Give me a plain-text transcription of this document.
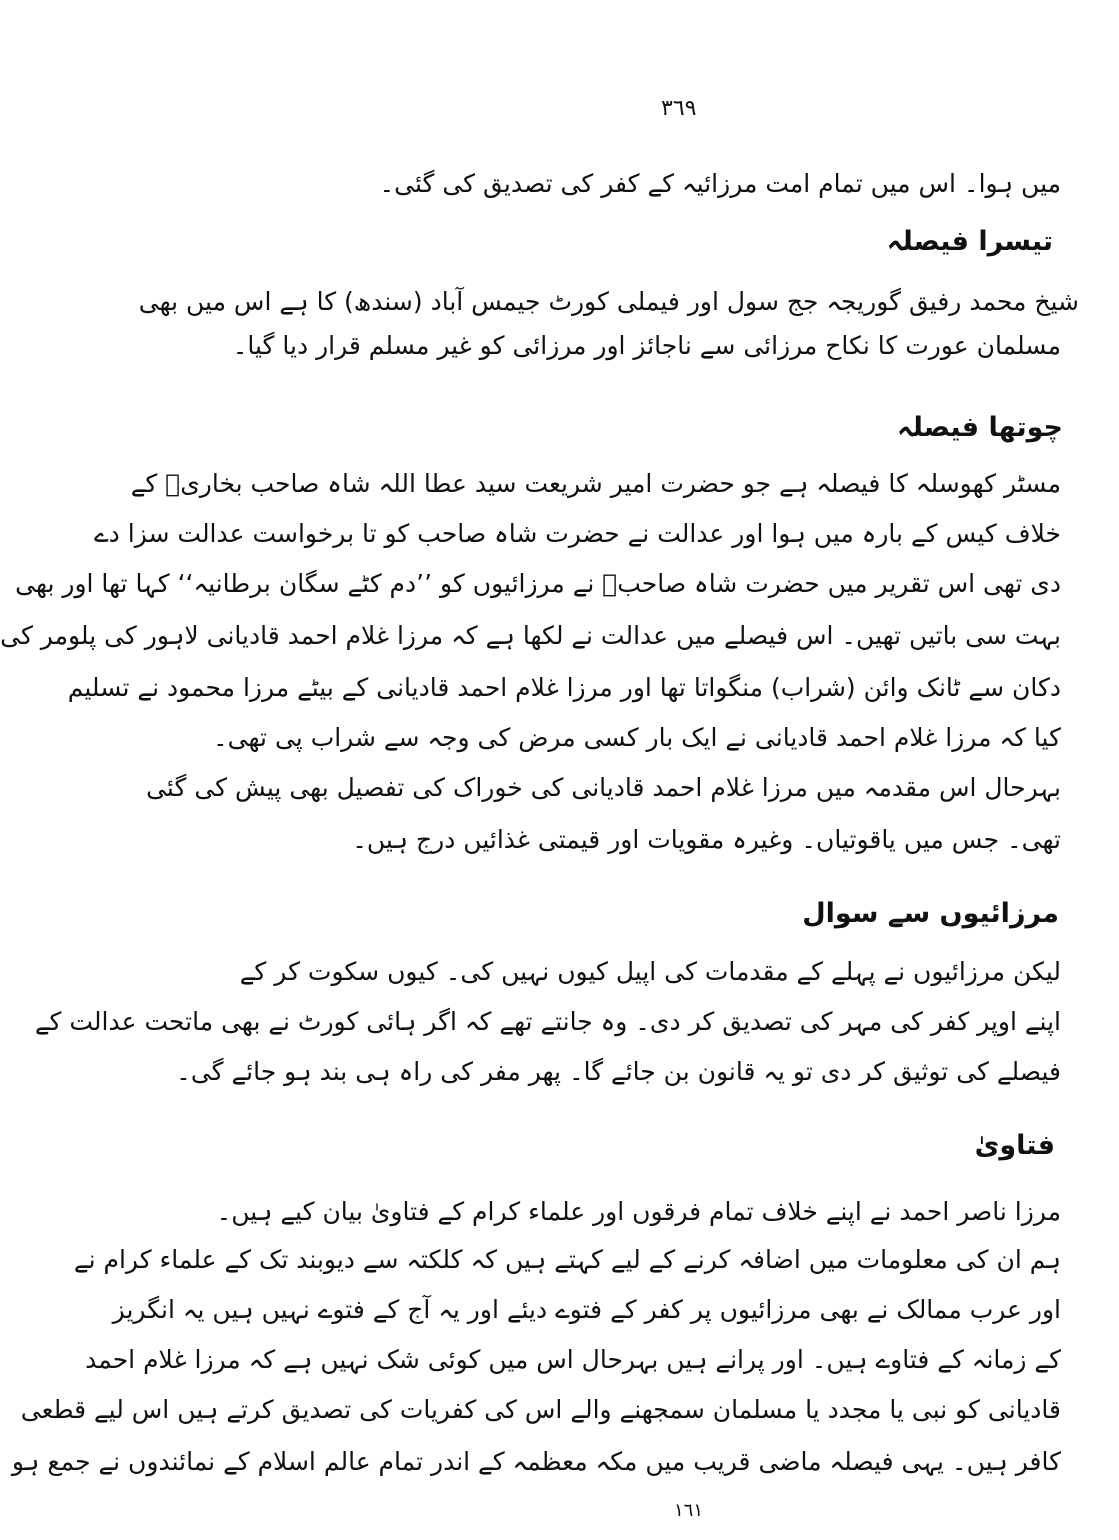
٣٦٩
میں ہوا۔ اس میں تمام امت مرزائیہ کے کفر کی تصدیق کی گئی۔
تیسرا فیصلہ
شیخ محمد رفیق گوریجہ جج سول اور فیملی کورٹ جیمس آباد (سندھ) کا ہے اس میں بھی
مسلمان عورت کا نکاح مرزائی سے ناجائز اور مرزائی کو غیر مسلم قرار دیا گیا۔
چوتھا فیصلہ
مسٹر کھوسلہ کا فیصلہ ہے جو حضرت امیر شریعت سید عطا اللہ شاہ صاحب بخاریؒ کے
خلاف کیس کے بارہ میں ہوا اور عدالت نے حضرت شاہ صاحب کو تا برخواست عدالت سزا دے
دی تھی اس تقریر میں حضرت شاہ صاحبؒ نے مرزائیوں کو ’’دم کٹے سگان برطانیہ‘‘ کہا تھا اور بھی
بہت سی باتیں تھیں۔ اس فیصلے میں عدالت نے لکھا ہے کہ مرزا غلام احمد قادیانی لاہور کی پلومر کی
دکان سے ٹانک وائن (شراب) منگواتا تھا اور مرزا غلام احمد قادیانی کے بیٹے مرزا محمود نے تسلیم
کیا کہ مرزا غلام احمد قادیانی نے ایک بار کسی مرض کی وجہ سے شراب پی تھی۔
بہرحال اس مقدمہ میں مرزا غلام احمد قادیانی کی خوراک کی تفصیل بھی پیش کی گئی
تھی۔ جس میں یاقوتیاں۔ وغیرہ مقویات اور قیمتی غذائیں درج ہیں۔
مرزائیوں سے سوال
لیکن مرزائیوں نے پہلے کے مقدمات کی اپیل کیوں نہیں کی۔ کیوں سکوت کر کے
اپنے اوپر کفر کی مہر کی تصدیق کر دی۔ وہ جانتے تھے کہ اگر ہائی کورٹ نے بھی ماتحت عدالت کے
فیصلے کی توثیق کر دی تو یہ قانون بن جائے گا۔ پھر مفر کی راہ ہی بند ہو جائے گی۔
فتاویٰ
مرزا ناصر احمد نے اپنے خلاف تمام فرقوں اور علماء کرام کے فتاویٰ بیان کیے ہیں۔
ہم ان کی معلومات میں اضافہ کرنے کے لیے کہتے ہیں کہ کلکتہ سے دیوبند تک کے علماء کرام نے
اور عرب ممالک نے بھی مرزائیوں پر کفر کے فتوے دیئے اور یہ آج کے فتوے نہیں ہیں یہ انگریز
کے زمانہ کے فتاوے ہیں۔ اور پرانے ہیں بہرحال اس میں کوئی شک نہیں ہے کہ مرزا غلام احمد
قادیانی کو نبی یا مجدد یا مسلمان سمجھنے والے اس کی کفریات کی تصدیق کرتے ہیں اس لیے قطعی
کافر ہیں۔ یہی فیصلہ ماضی قریب میں مکہ معظمہ کے اندر تمام عالم اسلام کے نمائندوں نے جمع ہو
١٦١
